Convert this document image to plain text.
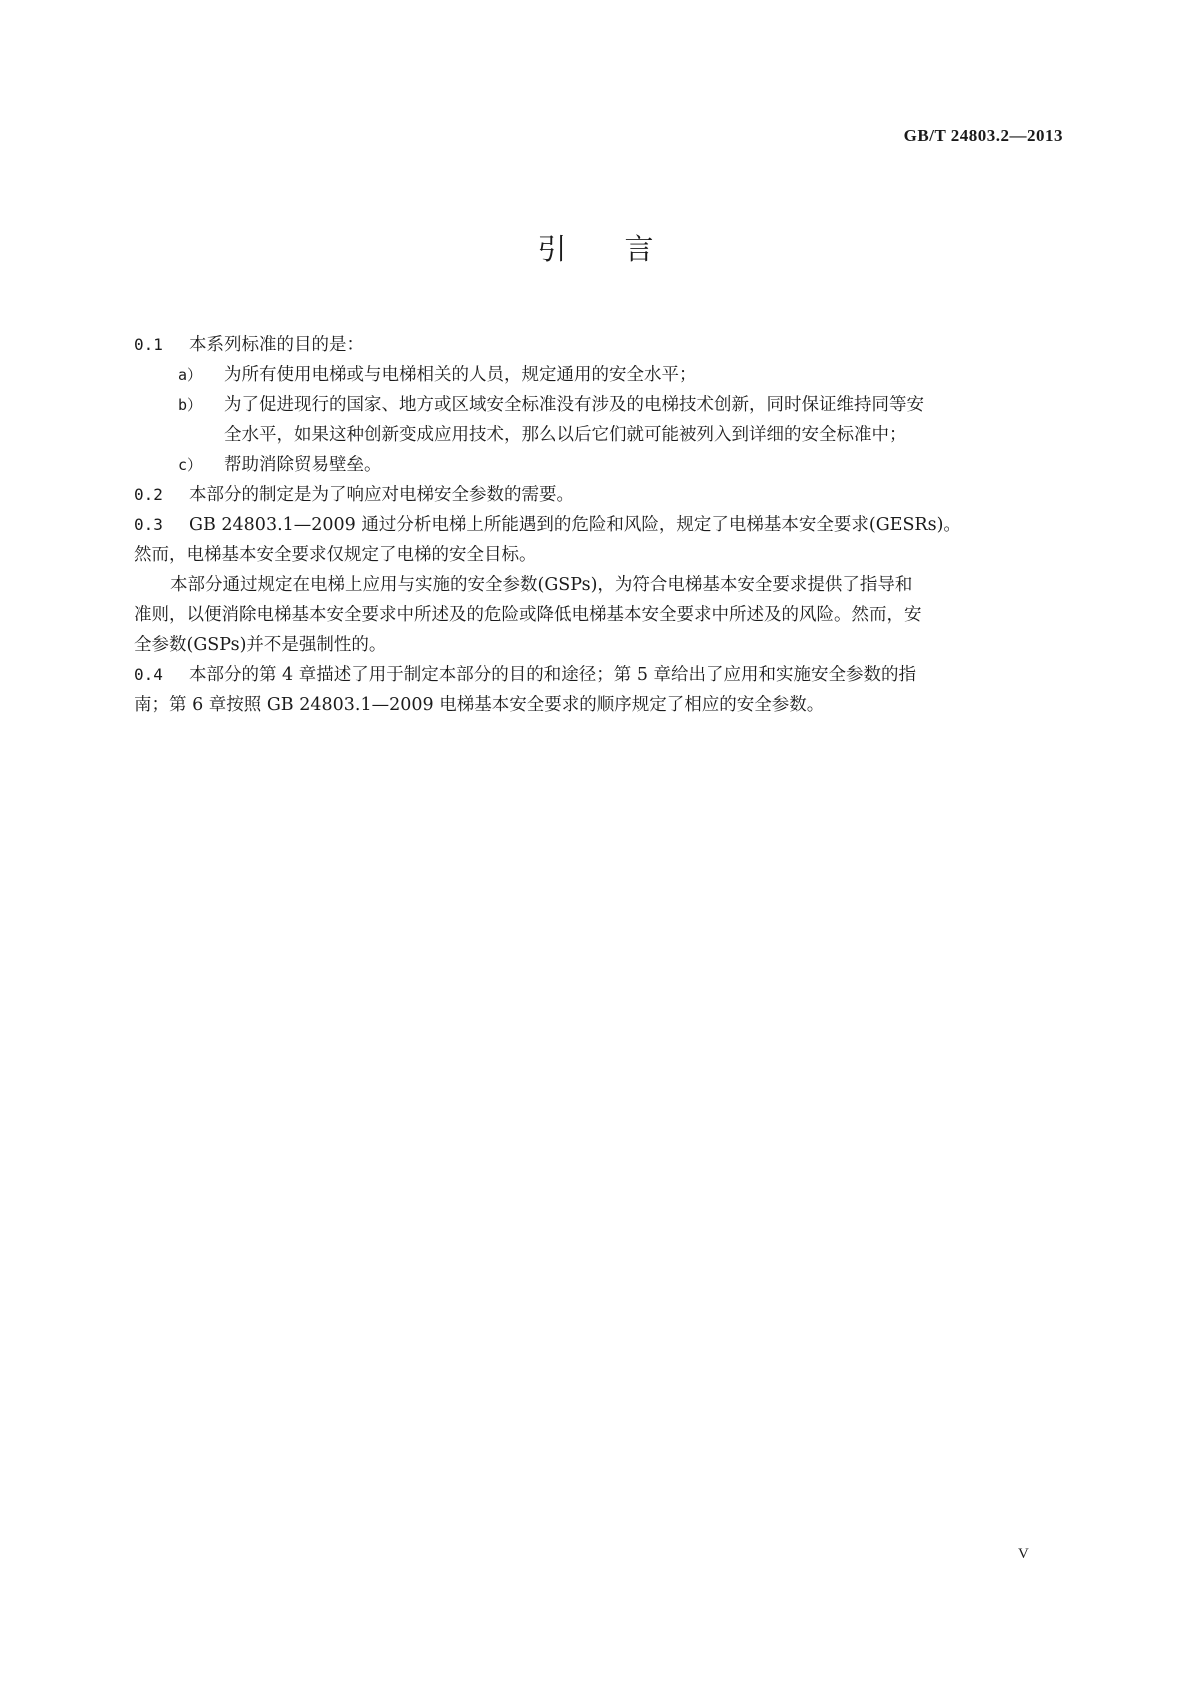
GB/T 24803.2—2013
引言
0.1 本系列标准的目的是：
a） 为所有使用电梯或与电梯相关的人员，规定通用的安全水平；
b） 为了促进现行的国家、地方或区域安全标准没有涉及的电梯技术创新，同时保证维持同等安
全水平，如果这种创新变成应用技术，那么以后它们就可能被列入到详细的安全标准中；
c） 帮助消除贸易壁垒。
0.2 本部分的制定是为了响应对电梯安全参数的需要。
0.3 GB 24803.1—2009 通过分析电梯上所能遇到的危险和风险，规定了电梯基本安全要求(GESRs)。
然而，电梯基本安全要求仅规定了电梯的安全目标。
本部分通过规定在电梯上应用与实施的安全参数(GSPs)，为符合电梯基本安全要求提供了指导和
准则，以便消除电梯基本安全要求中所述及的危险或降低电梯基本安全要求中所述及的风险。然而，安
全参数(GSPs)并不是强制性的。
0.4 本部分的第 4 章描述了用于制定本部分的目的和途径；第 5 章给出了应用和实施安全参数的指
南；第 6 章按照 GB 24803.1—2009 电梯基本安全要求的顺序规定了相应的安全参数。
V
